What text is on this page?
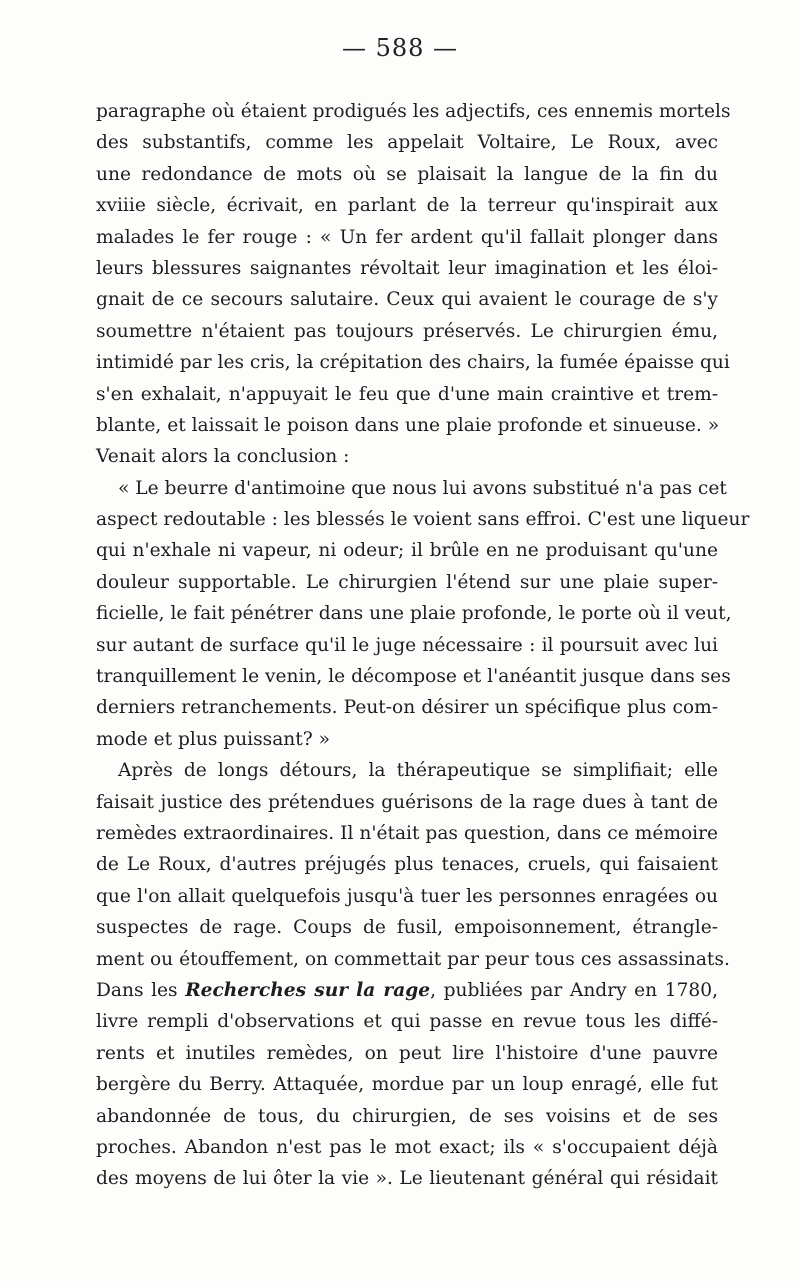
— 588 —
paragraphe où étaient prodigués les adjectifs, ces ennemis mortels
des substantifs, comme les appelait Voltaire, Le Roux, avec
une redondance de mots où se plaisait la langue de la fin du
xviiie siècle, écrivait, en parlant de la terreur qu'inspirait aux
malades le fer rouge : « Un fer ardent qu'il fallait plonger dans
leurs blessures saignantes révoltait leur imagination et les éloi-
gnait de ce secours salutaire. Ceux qui avaient le courage de s'y
soumettre n'étaient pas toujours préservés. Le chirurgien ému,
intimidé par les cris, la crépitation des chairs, la fumée épaisse qui
s'en exhalait, n'appuyait le feu que d'une main craintive et trem-
blante, et laissait le poison dans une plaie profonde et sinueuse. »
Venait alors la conclusion :
« Le beurre d'antimoine que nous lui avons substitué n'a pas cet
aspect redoutable : les blessés le voient sans effroi. C'est une liqueur
qui n'exhale ni vapeur, ni odeur; il brûle en ne produisant qu'une
douleur supportable. Le chirurgien l'étend sur une plaie super-
ficielle, le fait pénétrer dans une plaie profonde, le porte où il veut,
sur autant de surface qu'il le juge nécessaire : il poursuit avec lui
tranquillement le venin, le décompose et l'anéantit jusque dans ses
derniers retranchements. Peut-on désirer un spécifique plus com-
mode et plus puissant? »
Après de longs détours, la thérapeutique se simplifiait; elle
faisait justice des prétendues guérisons de la rage dues à tant de
remèdes extraordinaires. Il n'était pas question, dans ce mémoire
de Le Roux, d'autres préjugés plus tenaces, cruels, qui faisaient
que l'on allait quelquefois jusqu'à tuer les personnes enragées ou
suspectes de rage. Coups de fusil, empoisonnement, étrangle-
ment ou étouffement, on commettait par peur tous ces assassinats.
Dans les Recherches sur la rage, publiées par Andry en 1780,
livre rempli d'observations et qui passe en revue tous les diffé-
rents et inutiles remèdes, on peut lire l'histoire d'une pauvre
bergère du Berry. Attaquée, mordue par un loup enragé, elle fut
abandonnée de tous, du chirurgien, de ses voisins et de ses
proches. Abandon n'est pas le mot exact; ils « s'occupaient déjà
des moyens de lui ôter la vie ». Le lieutenant général qui résidait
